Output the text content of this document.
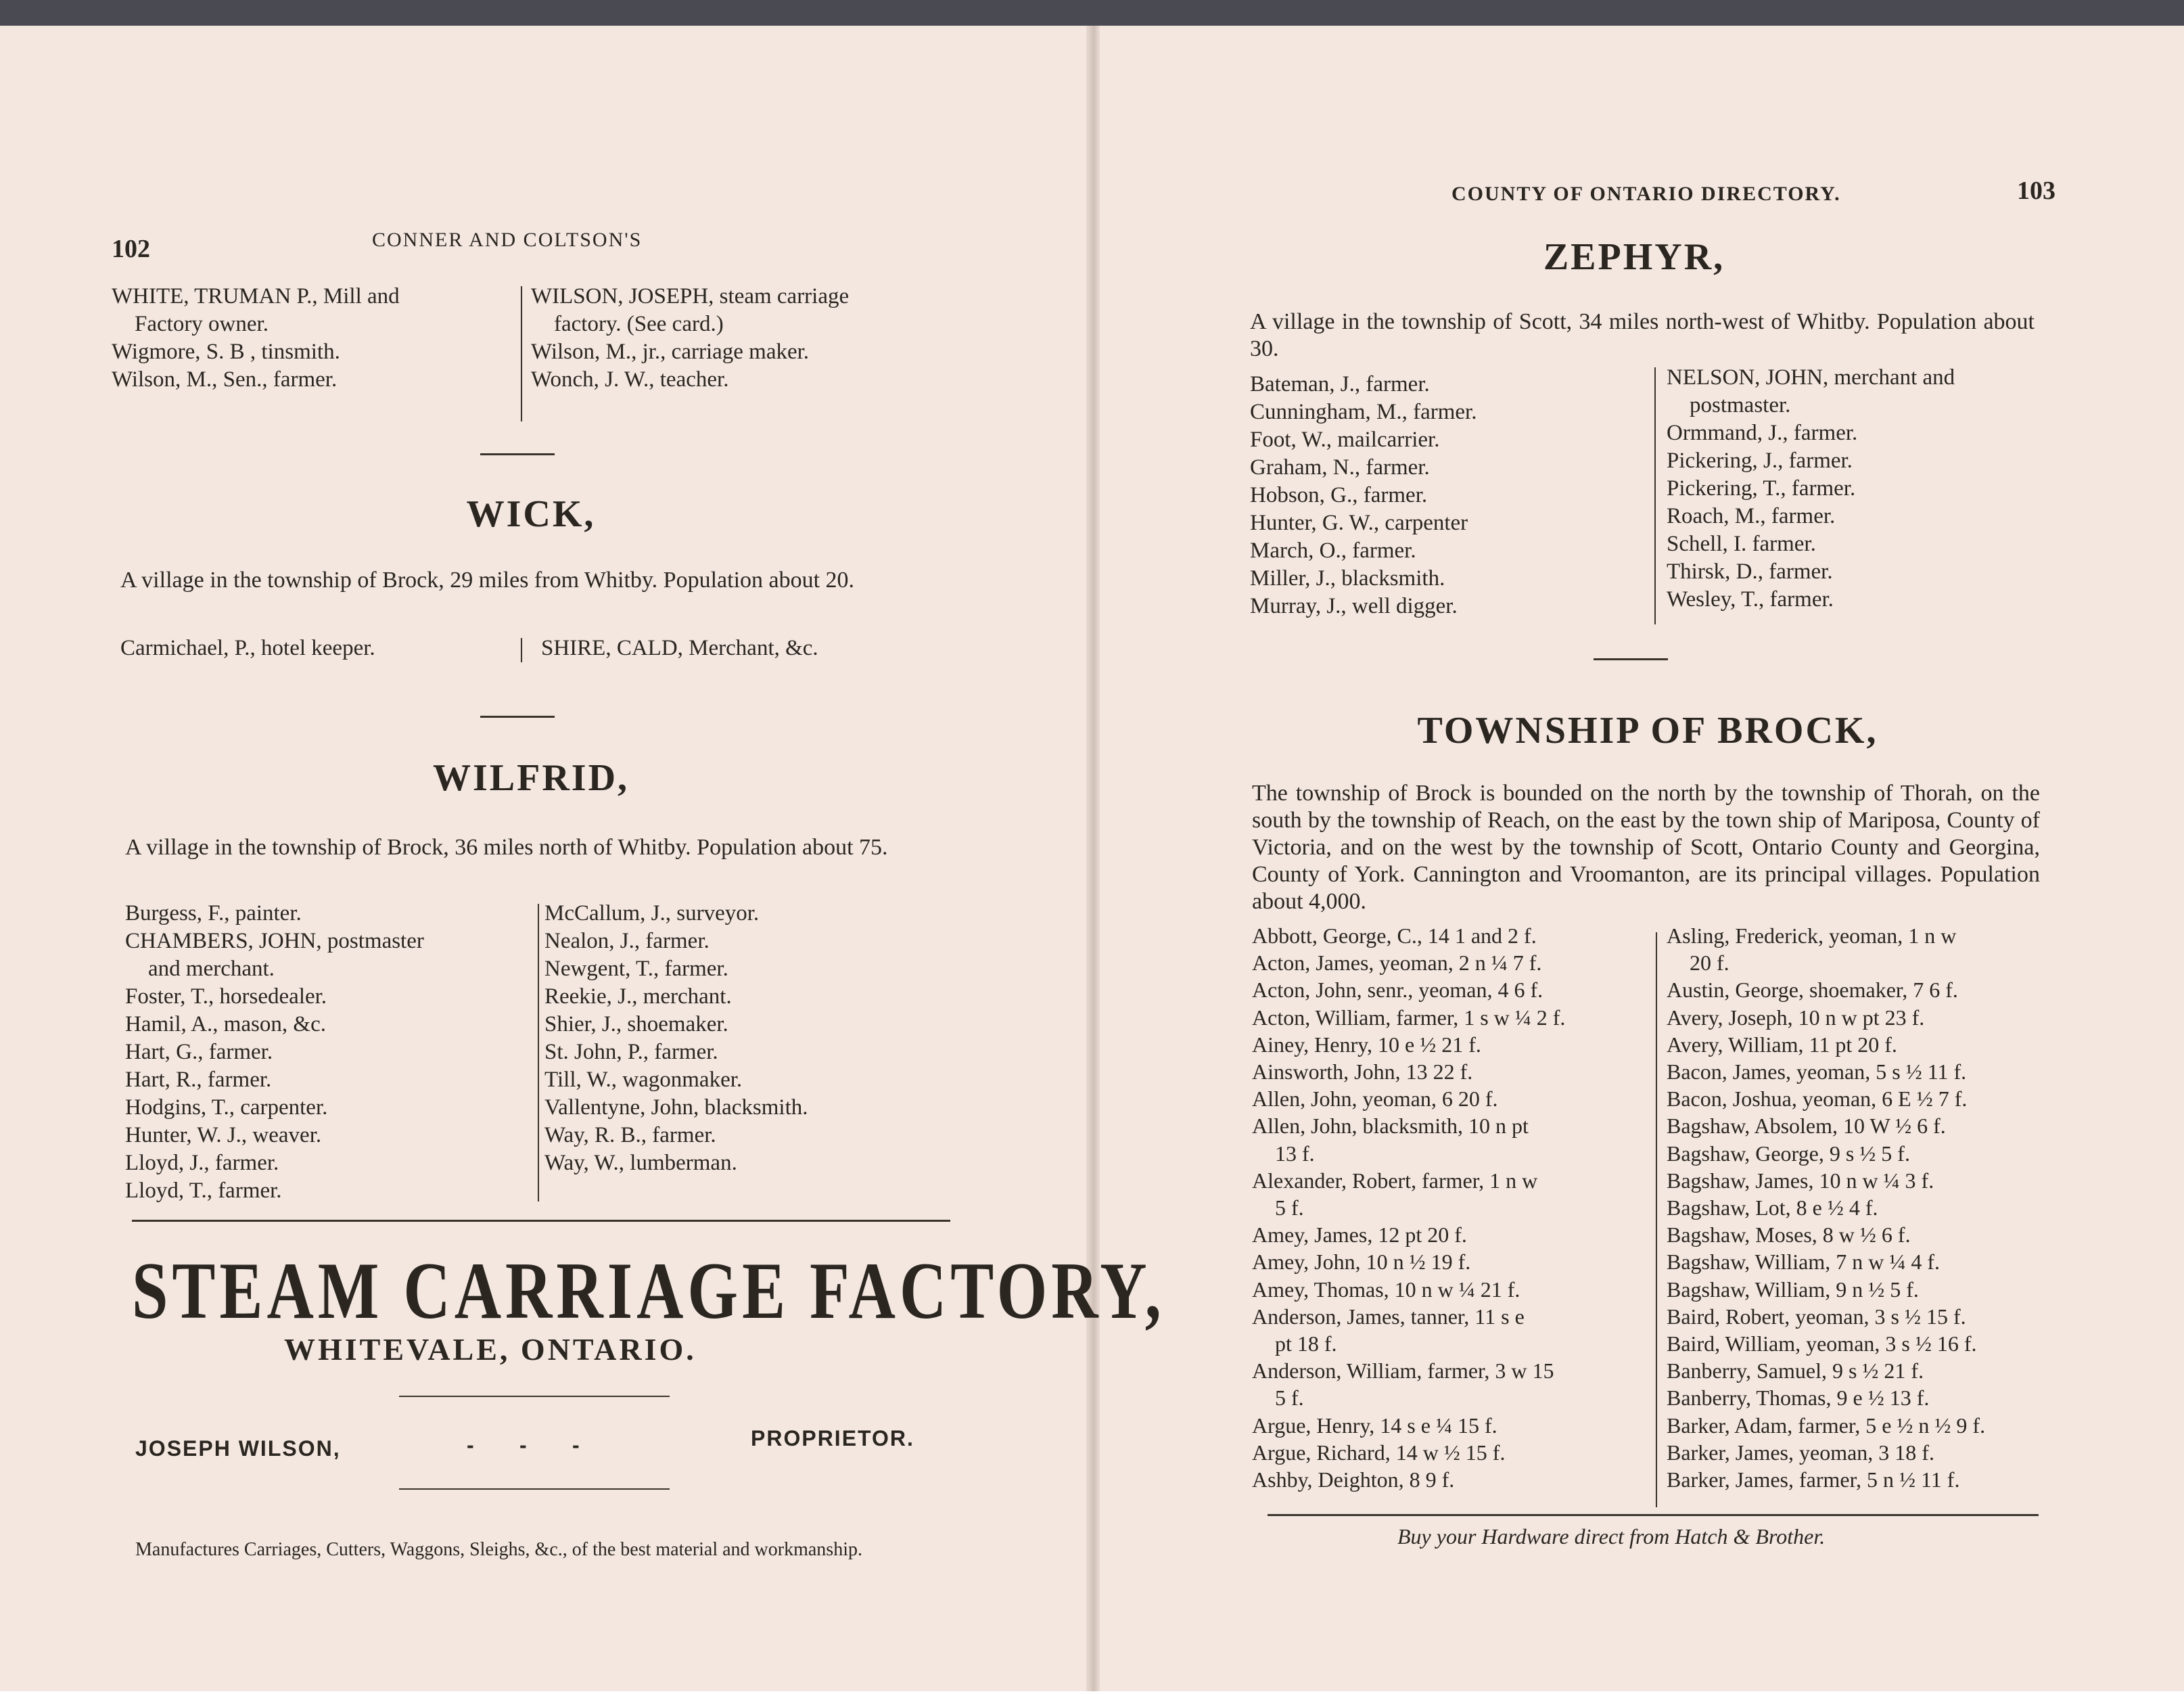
102	CONNER AND COLTSON'S
WHITE, TRUMAN P., Mill and
Factory owner.
Wigmore, S. B , tinsmith.
Wilson, M., Sen., farmer.
WILSON, JOSEPH, steam carriage
factory. (See card.)
Wilson, M., jr., carriage maker.
Wonch, J. W., teacher.
WICK,
A village in the township of Brock, 29 miles from Whitby. Population about 20.
Carmichael, P., hotel keeper.	SHIRE, CALD, Merchant, &c.
WILFRID,
A village in the township of Brock, 36 miles north of Whitby. Population about 75.
Burgess, F., painter.
CHAMBERS, JOHN, postmaster
and merchant.
Foster, T., horsedealer.
Hamil, A., mason, &c.
Hart, G., farmer.
Hart, R., farmer.
Hodgins, T., carpenter.
Hunter, W. J., weaver.
Lloyd, J., farmer.
Lloyd, T., farmer.
McCallum, J., surveyor.
Nealon, J., farmer.
Newgent, T., farmer.
Reekie, J., merchant.
Shier, J., shoemaker.
St. John, P., farmer.
Till, W., wagonmaker.
Vallentyne, John, blacksmith.
Way, R. B., farmer.
Way, W., lumberman.
STEAM CARRIAGE FACTORY,
WHITEVALE, ONTARIO.
JOSEPH WILSON,	-      -      -	PROPRIETOR.
Manufactures Carriages, Cutters, Waggons, Sleighs, &c., of the best material and workmanship.
COUNTY OF ONTARIO DIRECTORY.	103
ZEPHYR,
A village in the township of Scott, 34 miles north-west of Whitby. Population about 30.
Bateman, J., farmer.
Cunningham, M., farmer.
Foot, W., mailcarrier.
Graham, N., farmer.
Hobson, G., farmer.
Hunter, G. W., carpenter
March, O., farmer.
Miller, J., blacksmith.
Murray, J., well digger.
NELSON, JOHN, merchant and
postmaster.
Ormmand, J., farmer.
Pickering, J., farmer.
Pickering, T., farmer.
Roach, M., farmer.
Schell, I. farmer.
Thirsk, D., farmer.
Wesley, T., farmer.
TOWNSHIP OF BROCK,
The township of Brock is bounded on the north by the township of Thorah, on the south by the township of Reach, on the east by the town ship of Mariposa, County of Victoria, and on the west by the township of Scott, Ontario County and Georgina, County of York. Cannington and Vroomanton, are its principal villages. Population about 4,000.
Abbott, George, C., 14 1 and 2 f.
Acton, James, yeoman, 2 n ¼ 7 f.
Acton, John, senr., yeoman, 4 6 f.
Acton, William, farmer, 1 s w ¼ 2 f.
Ainey, Henry, 10 e ½ 21 f.
Ainsworth, John, 13 22 f.
Allen, John, yeoman, 6 20 f.
Allen, John, blacksmith, 10 n pt
13 f.
Alexander, Robert, farmer, 1 n w
5 f.
Amey, James, 12 pt 20 f.
Amey, John, 10 n ½ 19 f.
Amey, Thomas, 10 n w ¼ 21 f.
Anderson, James, tanner, 11 s e
pt 18 f.
Anderson, William, farmer, 3 w 15
5 f.
Argue, Henry, 14 s e ¼ 15 f.
Argue, Richard, 14 w ½ 15 f.
Ashby, Deighton, 8 9 f.
Asling, Frederick, yeoman, 1 n w
20 f.
Austin, George, shoemaker, 7 6 f.
Avery, Joseph, 10 n w pt 23 f.
Avery, William, 11 pt 20 f.
Bacon, James, yeoman, 5 s ½ 11 f.
Bacon, Joshua, yeoman, 6 E ½ 7 f.
Bagshaw, Absolem, 10 W ½ 6 f.
Bagshaw, George, 9 s ½ 5 f.
Bagshaw, James, 10 n w ¼ 3 f.
Bagshaw, Lot, 8 e ½ 4 f.
Bagshaw, Moses, 8 w ½ 6 f.
Bagshaw, William, 7 n w ¼ 4 f.
Bagshaw, William, 9 n ½ 5 f.
Baird, Robert, yeoman, 3 s ½ 15 f.
Baird, William, yeoman, 3 s ½ 16 f.
Banberry, Samuel, 9 s ½ 21 f.
Banberry, Thomas, 9 e ½ 13 f.
Barker, Adam, farmer, 5 e ½ n ½ 9 f.
Barker, James, yeoman, 3 18 f.
Barker, James, farmer, 5 n ½ 11 f.
Buy your Hardware direct from Hatch & Brother.
